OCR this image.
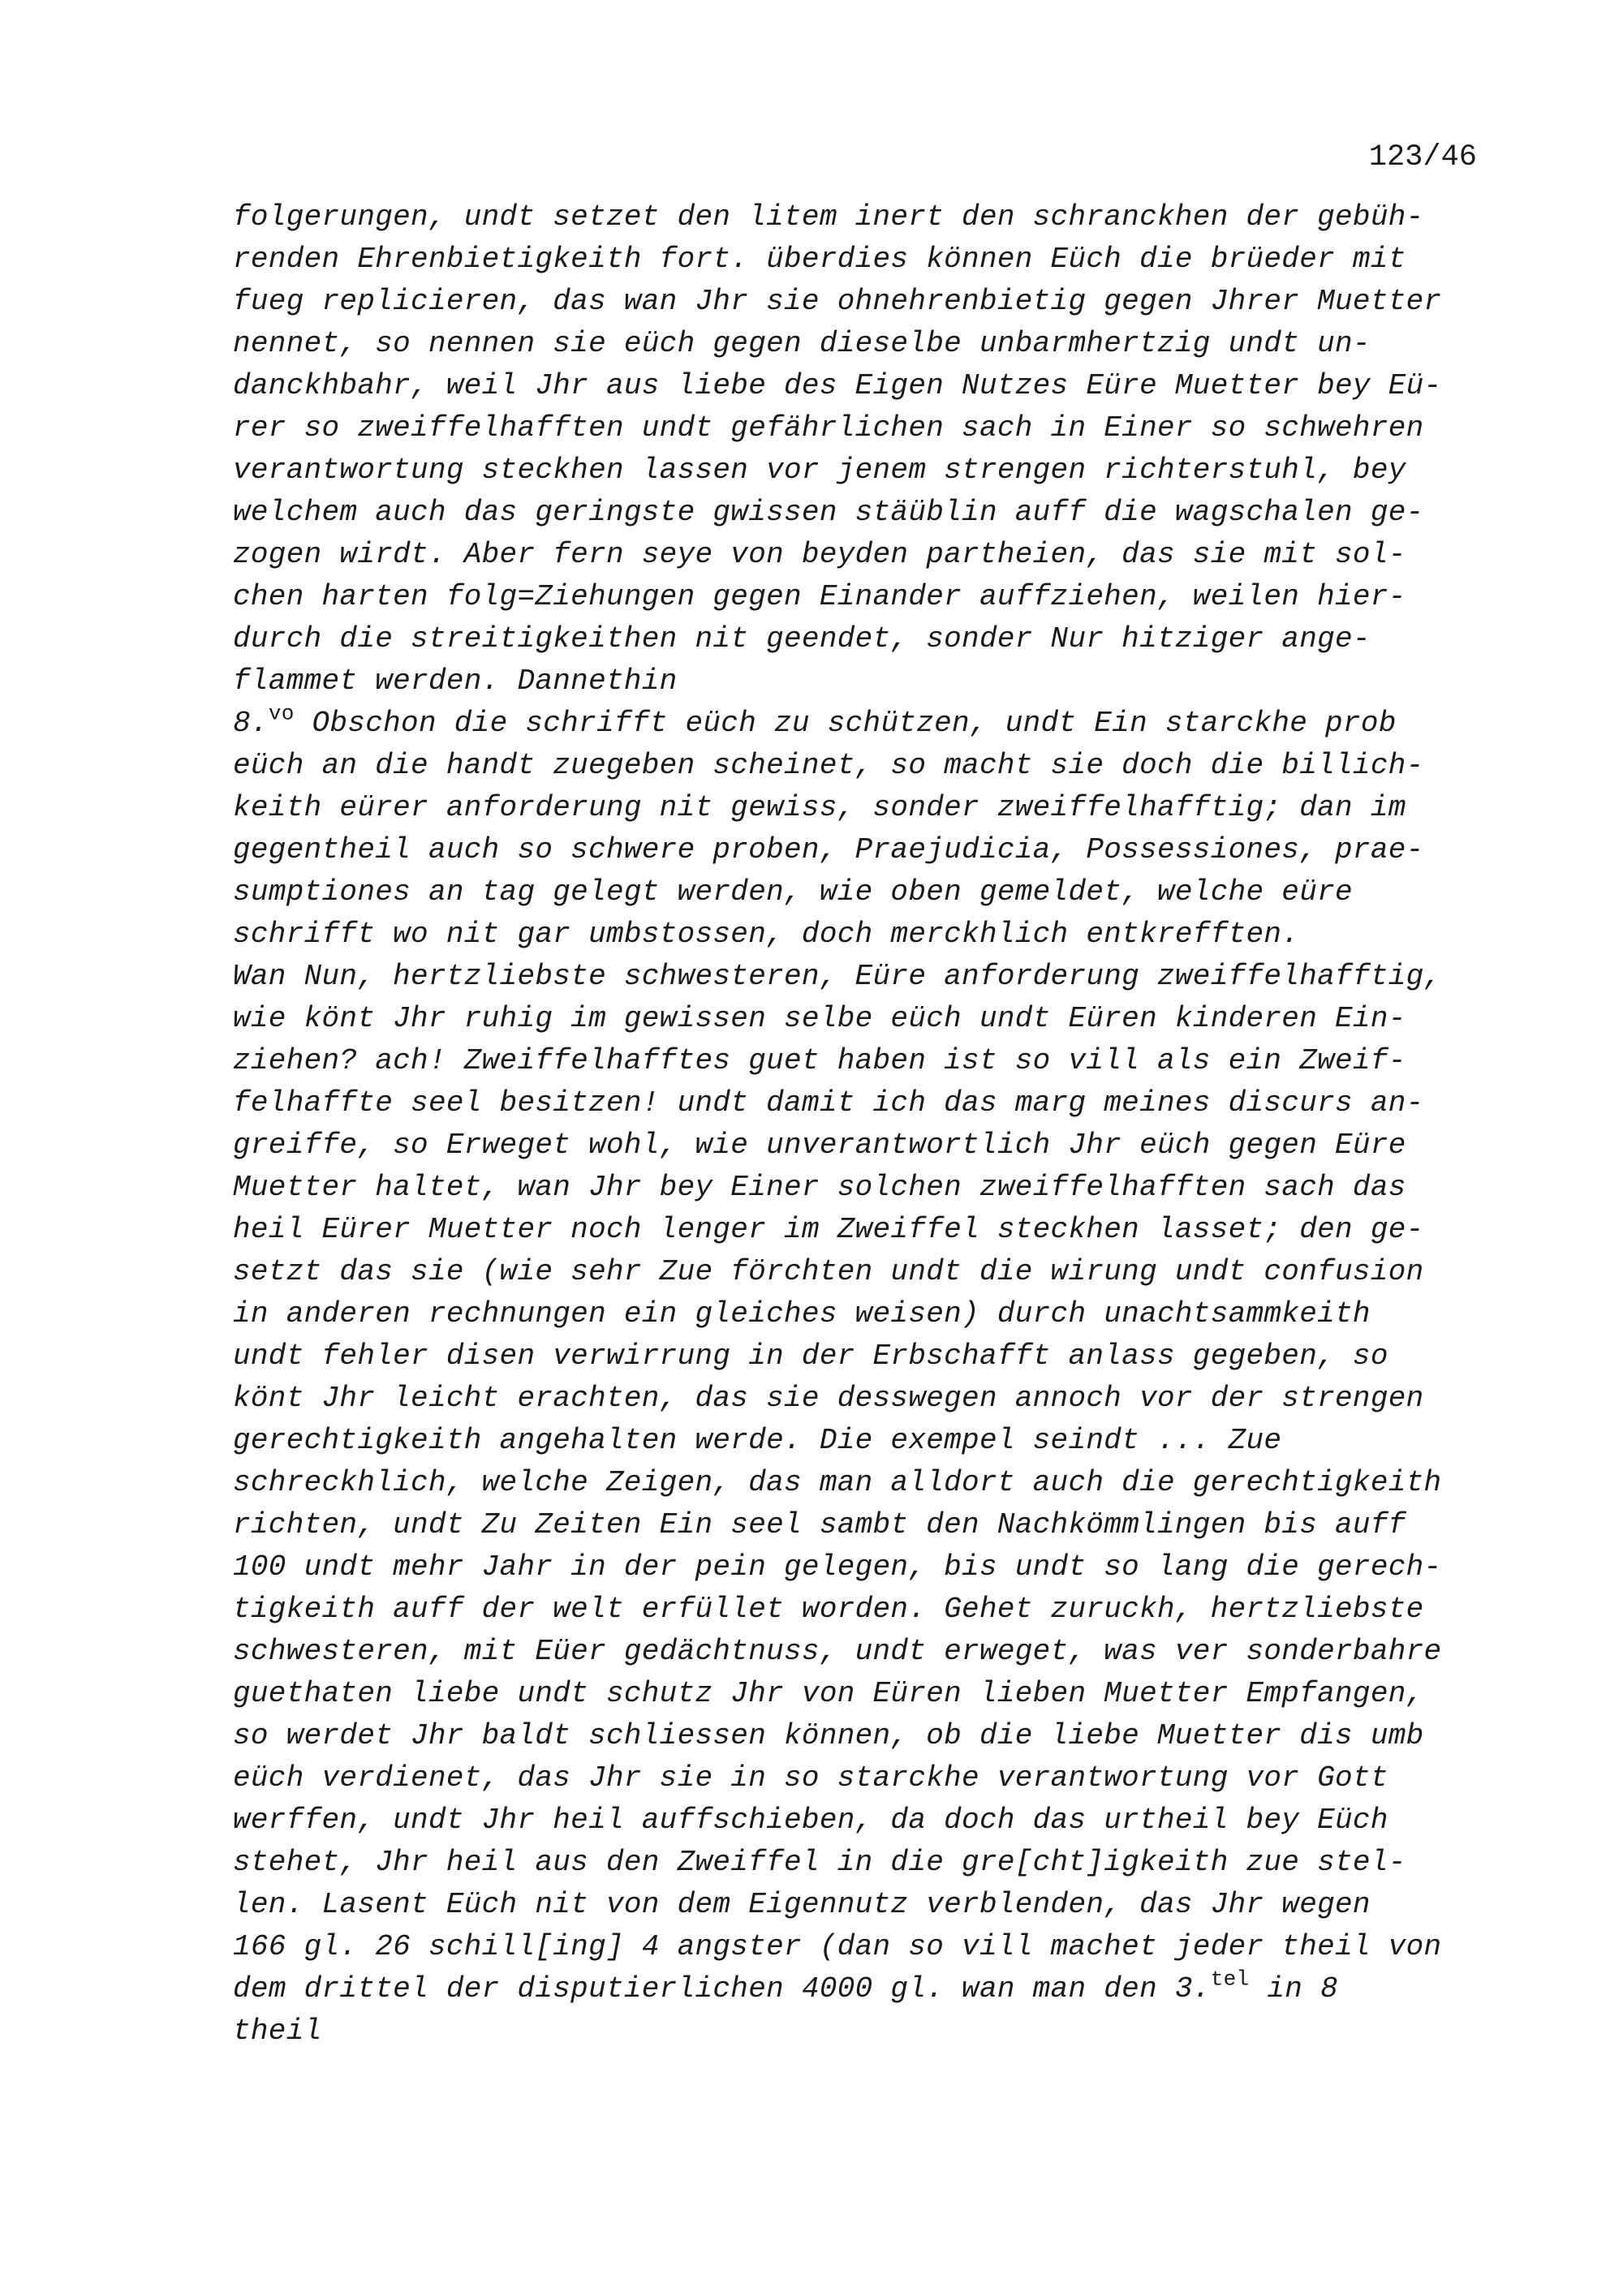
123/46
folgerungen, undt setzet den litem inert den schranckhen der gebüh-
renden Ehrenbietigkeith fort. überdies können Eüch die brüeder mit
fueg replicieren, das wan Jhr sie ohnehrenbietig gegen Jhrer Muetter
nennet, so nennen sie eüch gegen dieselbe unbarmhertzig undt un-
danckhbahr, weil Jhr aus liebe des Eigen Nutzes Eüre Muetter bey Eü-
rer so zweiffelhafften undt gefährlichen sach in Einer so schwehren
verantwortung steckhen lassen vor jenem strengen richterstuhl, bey
welchem auch das geringste gwissen stäüblin auff die wagschalen ge-
zogen wirdt. Aber fern seye von beyden partheien, das sie mit sol-
chen harten folg=Ziehungen gegen Einander auffziehen, weilen hier-
durch die streitigkeithen nit geendet, sonder Nur hitziger ange-
flammet werden. Dannethin
8.$^{vo}$ Obschon die schrifft eüch zu schützen, undt Ein starckhe prob
eüch an die handt zuegeben scheinet, so macht sie doch die billich-
keith eürer anforderung nit gewiss, sonder zweiffelhafftig; dan im
gegentheil auch so schwere proben, Praejudicia, Possessiones, prae-
sumptiones an tag gelegt werden, wie oben gemeldet, welche eüre
schrifft wo nit gar umbstossen, doch merckhlich entkrefften.
Wan Nun, hertzliebste schwesteren, Eüre anforderung zweiffelhafftig,
wie könt Jhr ruhig im gewissen selbe eüch undt Eüren kinderen Ein-
ziehen? ach! Zweiffelhafftes guet haben ist so vill als ein Zweif-
felhaffte seel besitzen! undt damit ich das marg meines discurs an-
greiffe, so Erweget wohl, wie unverantwortlich Jhr eüch gegen Eüre
Muetter haltet, wan Jhr bey Einer solchen zweiffelhafften sach das
heil Eürer Muetter noch lenger im Zweiffel steckhen lasset; den ge-
setzt das sie (wie sehr Zue förchten undt die wirung undt confusion
in anderen rechnungen ein gleiches weisen) durch unachtsammkeith
undt fehler disen verwirrung in der Erbschafft anlass gegeben, so
könt Jhr leicht erachten, das sie desswegen annoch vor der strengen
gerechtigkeith angehalten werde. Die exempel seindt ... Zue
schreckhlich, welche Zeigen, das man alldort auch die gerechtigkeith
richten, undt Zu Zeiten Ein seel sambt den Nachkömmlingen bis auff
100 undt mehr Jahr in der pein gelegen, bis undt so lang die gerech-
tigkeith auff der welt erfüllet worden. Gehet zuruckh, hertzliebste
schwesteren, mit Eüer gedächtnuss, undt erweget, was ver sonderbahre
guethaten liebe undt schutz Jhr von Eüren lieben Muetter Empfangen,
so werdet Jhr baldt schliessen können, ob die liebe Muetter dis umb
eüch verdienet, das Jhr sie in so starckhe verantwortung vor Gott
werffen, undt Jhr heil auffschieben, da doch das urtheil bey Eüch
stehet, Jhr heil aus den Zweiffel in die gre[cht]igkeith zue stel-
len. Lasent Eüch nit von dem Eigennutz verblenden, das Jhr wegen
166 gl. 26 schill[ing] 4 angster (dan so vill machet jeder theil von
dem drittel der disputierlichen 4000 gl. wan man den 3.$^{tel}$ in 8
theil
